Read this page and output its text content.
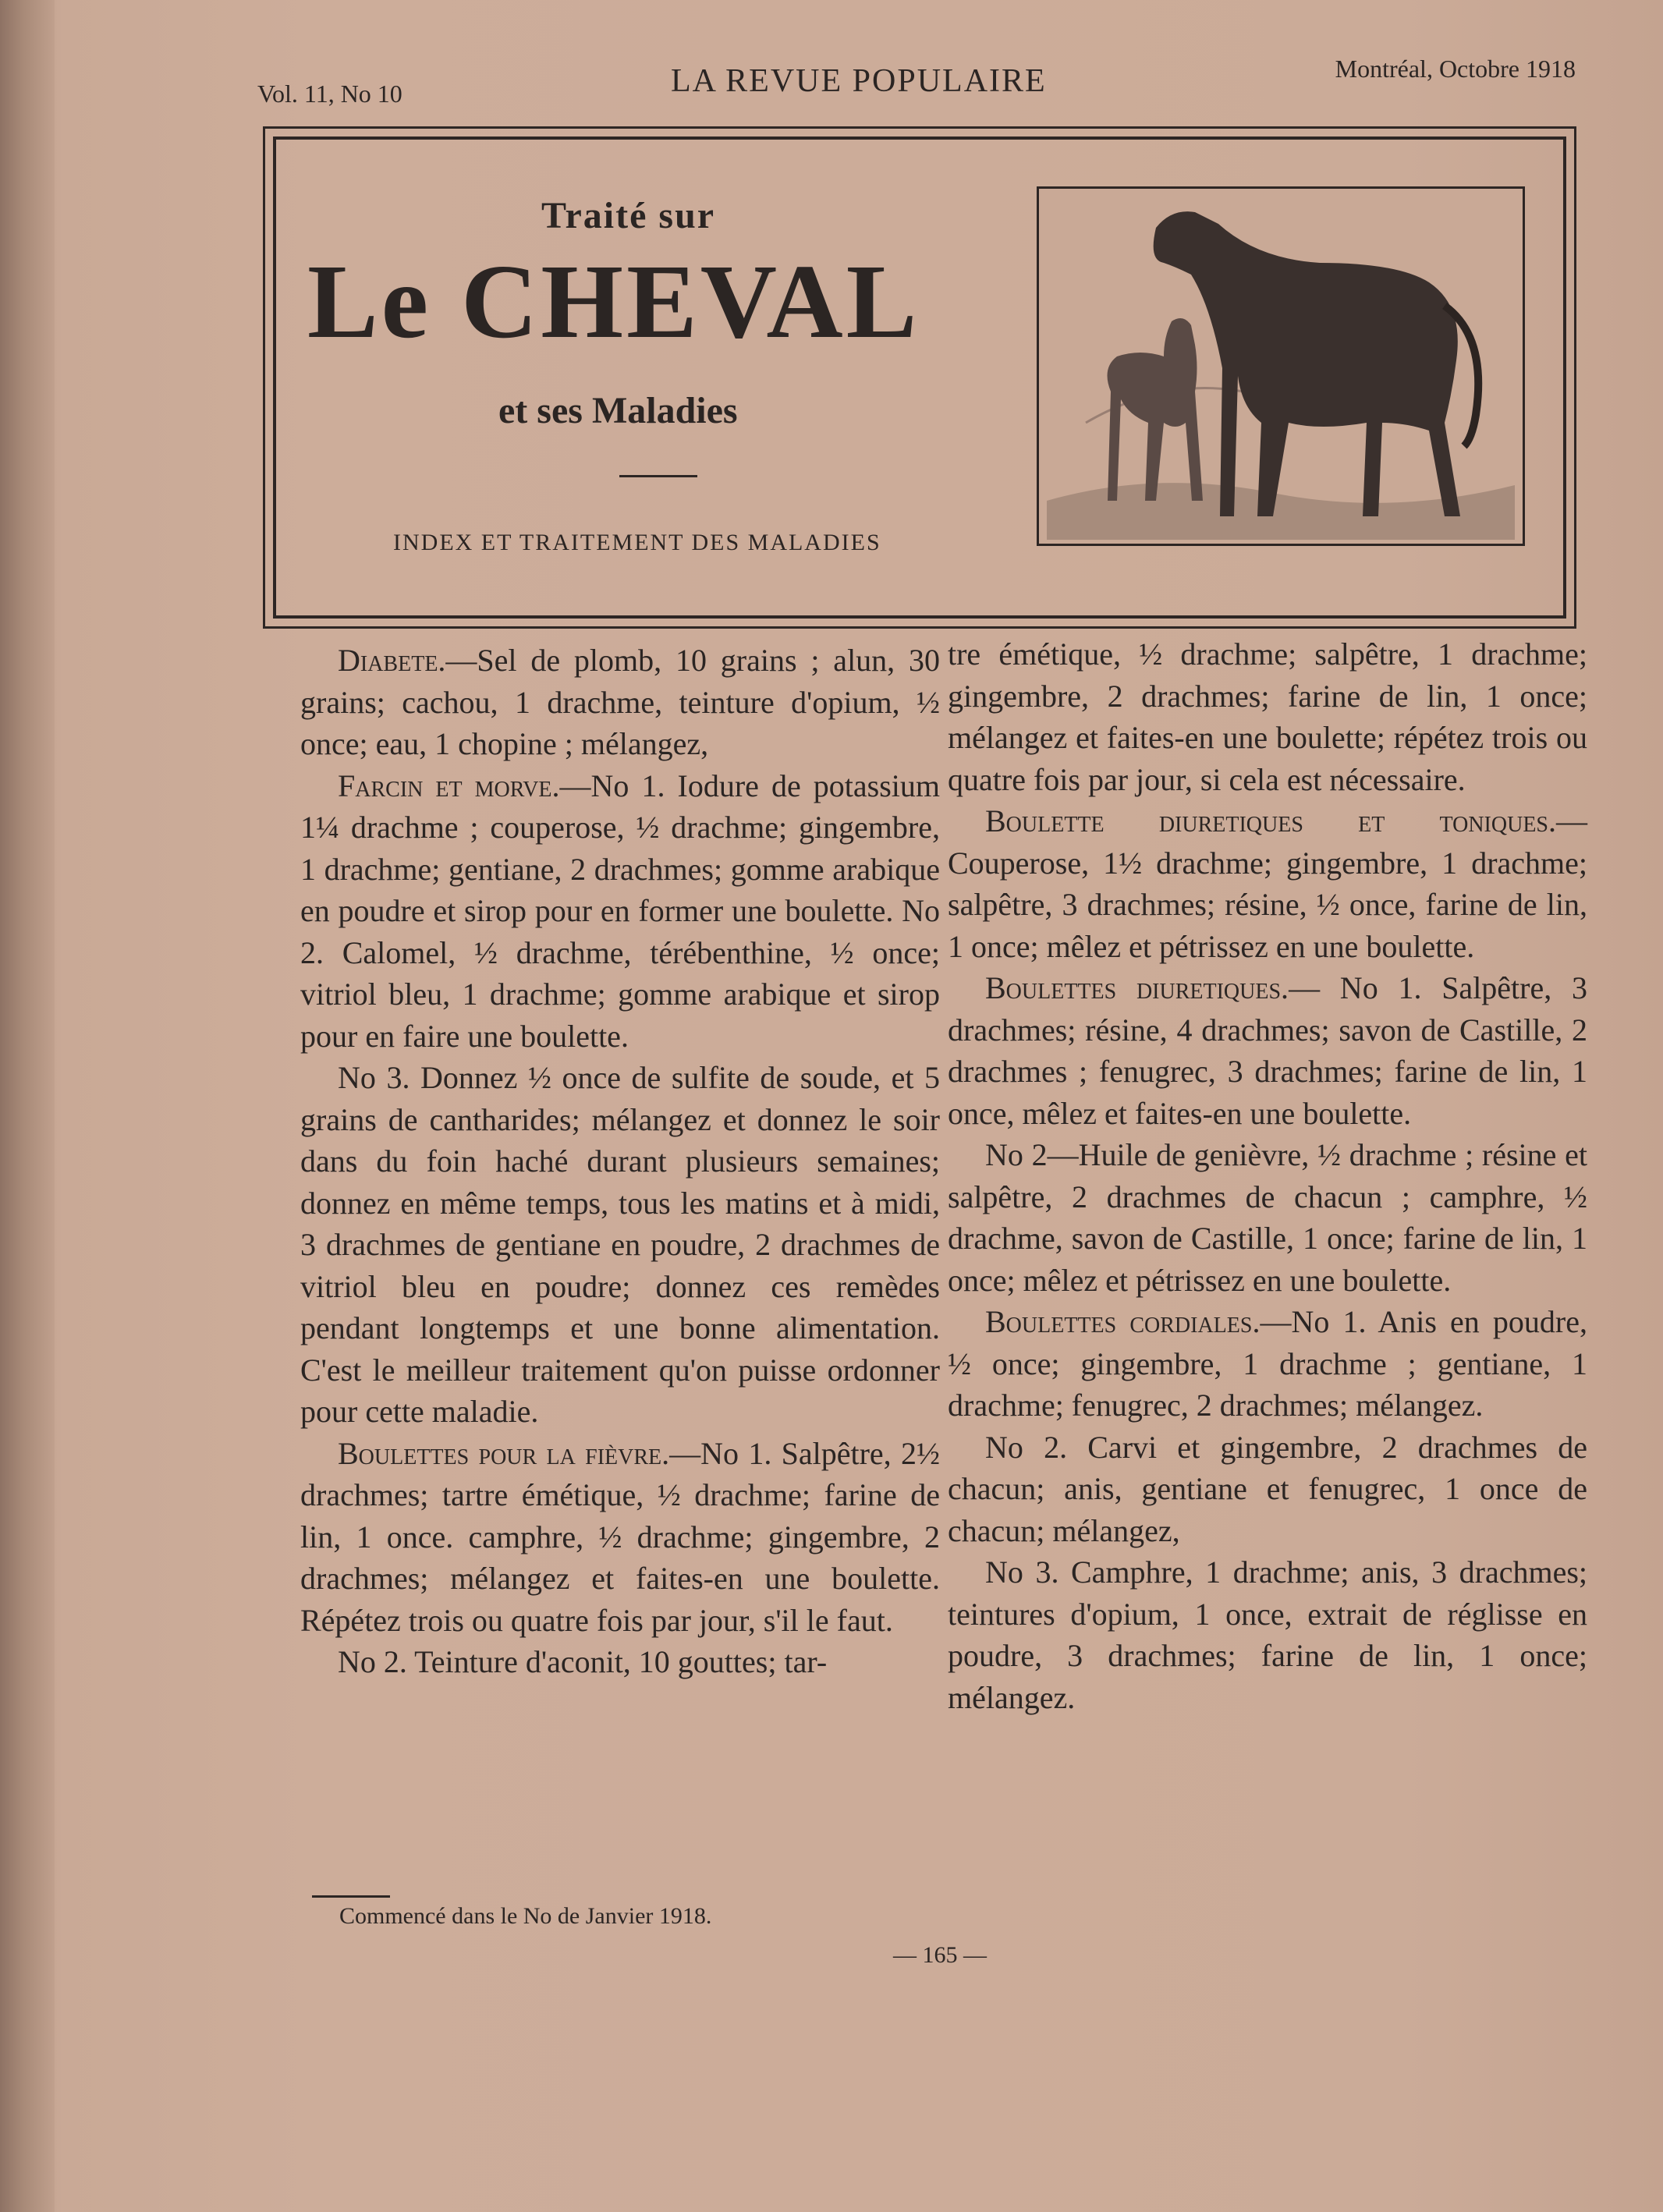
Vol. 11, No 10	LA REVUE POPULAIRE	Montréal, Octobre 1918
Traité sur
Le CHEVAL
et ses Maladies
INDEX ET TRAITEMENT DES MALADIES

Diabete.—Sel de plomb, 10 grains ; alun, 30 grains; cachou, 1 drachme, teinture d'opium, ½ once; eau, 1 chopine ; mélangez,

Farcin et morve.—No 1. Iodure de potassium 1¼ drachme ; couperose, ½ drachme; gingembre, 1 drachme; gentiane, 2 drachmes; gomme arabique en poudre et sirop pour en former une boulette. No 2. Calomel, ½ drachme, térébenthine, ½ once; vitriol bleu, 1 drachme; gomme arabique et sirop pour en faire une boulette.

No 3. Donnez ½ once de sulfite de soude, et 5 grains de cantharides; mélangez et donnez le soir dans du foin haché durant plusieurs semaines; donnez en même temps, tous les matins et à midi, 3 drachmes de gentiane en poudre, 2 drachmes de vitriol bleu en poudre; donnez ces remèdes pendant longtemps et une bonne alimentation. C'est le meilleur traitement qu'on puisse ordonner pour cette maladie.

Boulettes pour la fièvre.—No 1. Salpêtre, 2½ drachmes; tartre émétique, ½ drachme; farine de lin, 1 once. camphre, ½ drachme; gingembre, 2 drachmes; mélangez et faites-en une boulette. Répétez trois ou quatre fois par jour, s'il le faut.

No 2. Teinture d'aconit, 10 gouttes; tar-

tre émétique, ½ drachme; salpêtre, 1 drachme; gingembre, 2 drachmes; farine de lin, 1 once; mélangez et faites-en une boulette; répétez trois ou quatre fois par jour, si cela est nécessaire.

Boulette diuretiques et toniques.—Couperose, 1½ drachme; gingembre, 1 drachme; salpêtre, 3 drachmes; résine, ½ once, farine de lin, 1 once; mêlez et pétrissez en une boulette.

Boulettes diuretiques.— No 1. Salpêtre, 3 drachmes; résine, 4 drachmes; savon de Castille, 2 drachmes ; fenugrec, 3 drachmes; farine de lin, 1 once, mêlez et faites-en une boulette.

No 2—Huile de genièvre, ½ drachme ; résine et salpêtre, 2 drachmes de chacun ; camphre, ½ drachme, savon de Castille, 1 once; farine de lin, 1 once; mêlez et pétrissez en une boulette.

Boulettes cordiales.—No 1. Anis en poudre, ½ once; gingembre, 1 drachme ; gentiane, 1 drachme; fenugrec, 2 drachmes; mélangez.

No 2. Carvi et gingembre, 2 drachmes de chacun; anis, gentiane et fenugrec, 1 once de chacun; mélangez,

No 3. Camphre, 1 drachme; anis, 3 drachmes; teintures d'opium, 1 once, extrait de réglisse en poudre, 3 drachmes; farine de lin, 1 once; mélangez.

Commencé dans le No de Janvier 1918.
— 165 —
